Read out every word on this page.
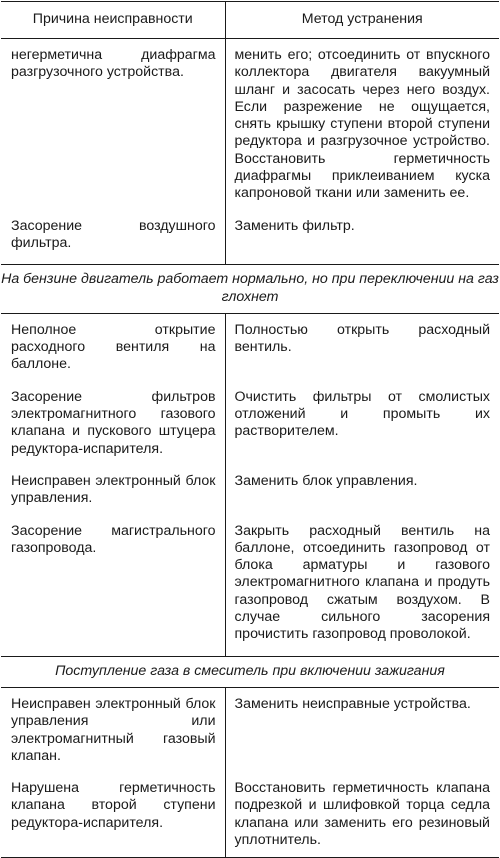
Причина неисправности	Метод устранения

негерметична диафрагма разгрузочного устройства.	менить его; отсоединить от впускного коллектора двигателя вакуумный шланг и засосать через него воздух. Если разрежение не ощущается, снять крышку ступени второй ступени редуктора и разгрузочное устройство. Восстановить герметичность диафрагмы приклеиванием куска капроновой ткани или заменить ее.

Засорение воздушного фильтра.	Заменить фильтр.

На бензине двигатель работает нормально, но при переключении на газ глохнет	

Неполное открытие расходного вентиля на баллоне.	Полностью открыть расходный вентиль.

Засорение фильтров электромагнитного газового клапана и пускового штуцера редуктора-испарителя.	Очистить фильтры от смолистых отложений и промыть их растворителем.

Неисправен электронный блок управления.	Заменить блок управления.

Засорение магистрального газопровода.	Закрыть расходный вентиль на баллоне, отсоединить газопровод от блока арматуры и газового электромагнитного клапана и продуть газопровод сжатым воздухом. В случае сильного засорения прочистить газопровод проволокой.

Поступление газа в смеситель при включении зажигания	

Неисправен электронный блок управления или электромагнитный газовый клапан.	Заменить неисправные устройства.

Нарушена герметичность клапана второй ступени редуктора-испарителя.	Восстановить герметичность клапана подрезкой и шлифовкой торца седла клапана или заменить его резиновый уплотнитель.
